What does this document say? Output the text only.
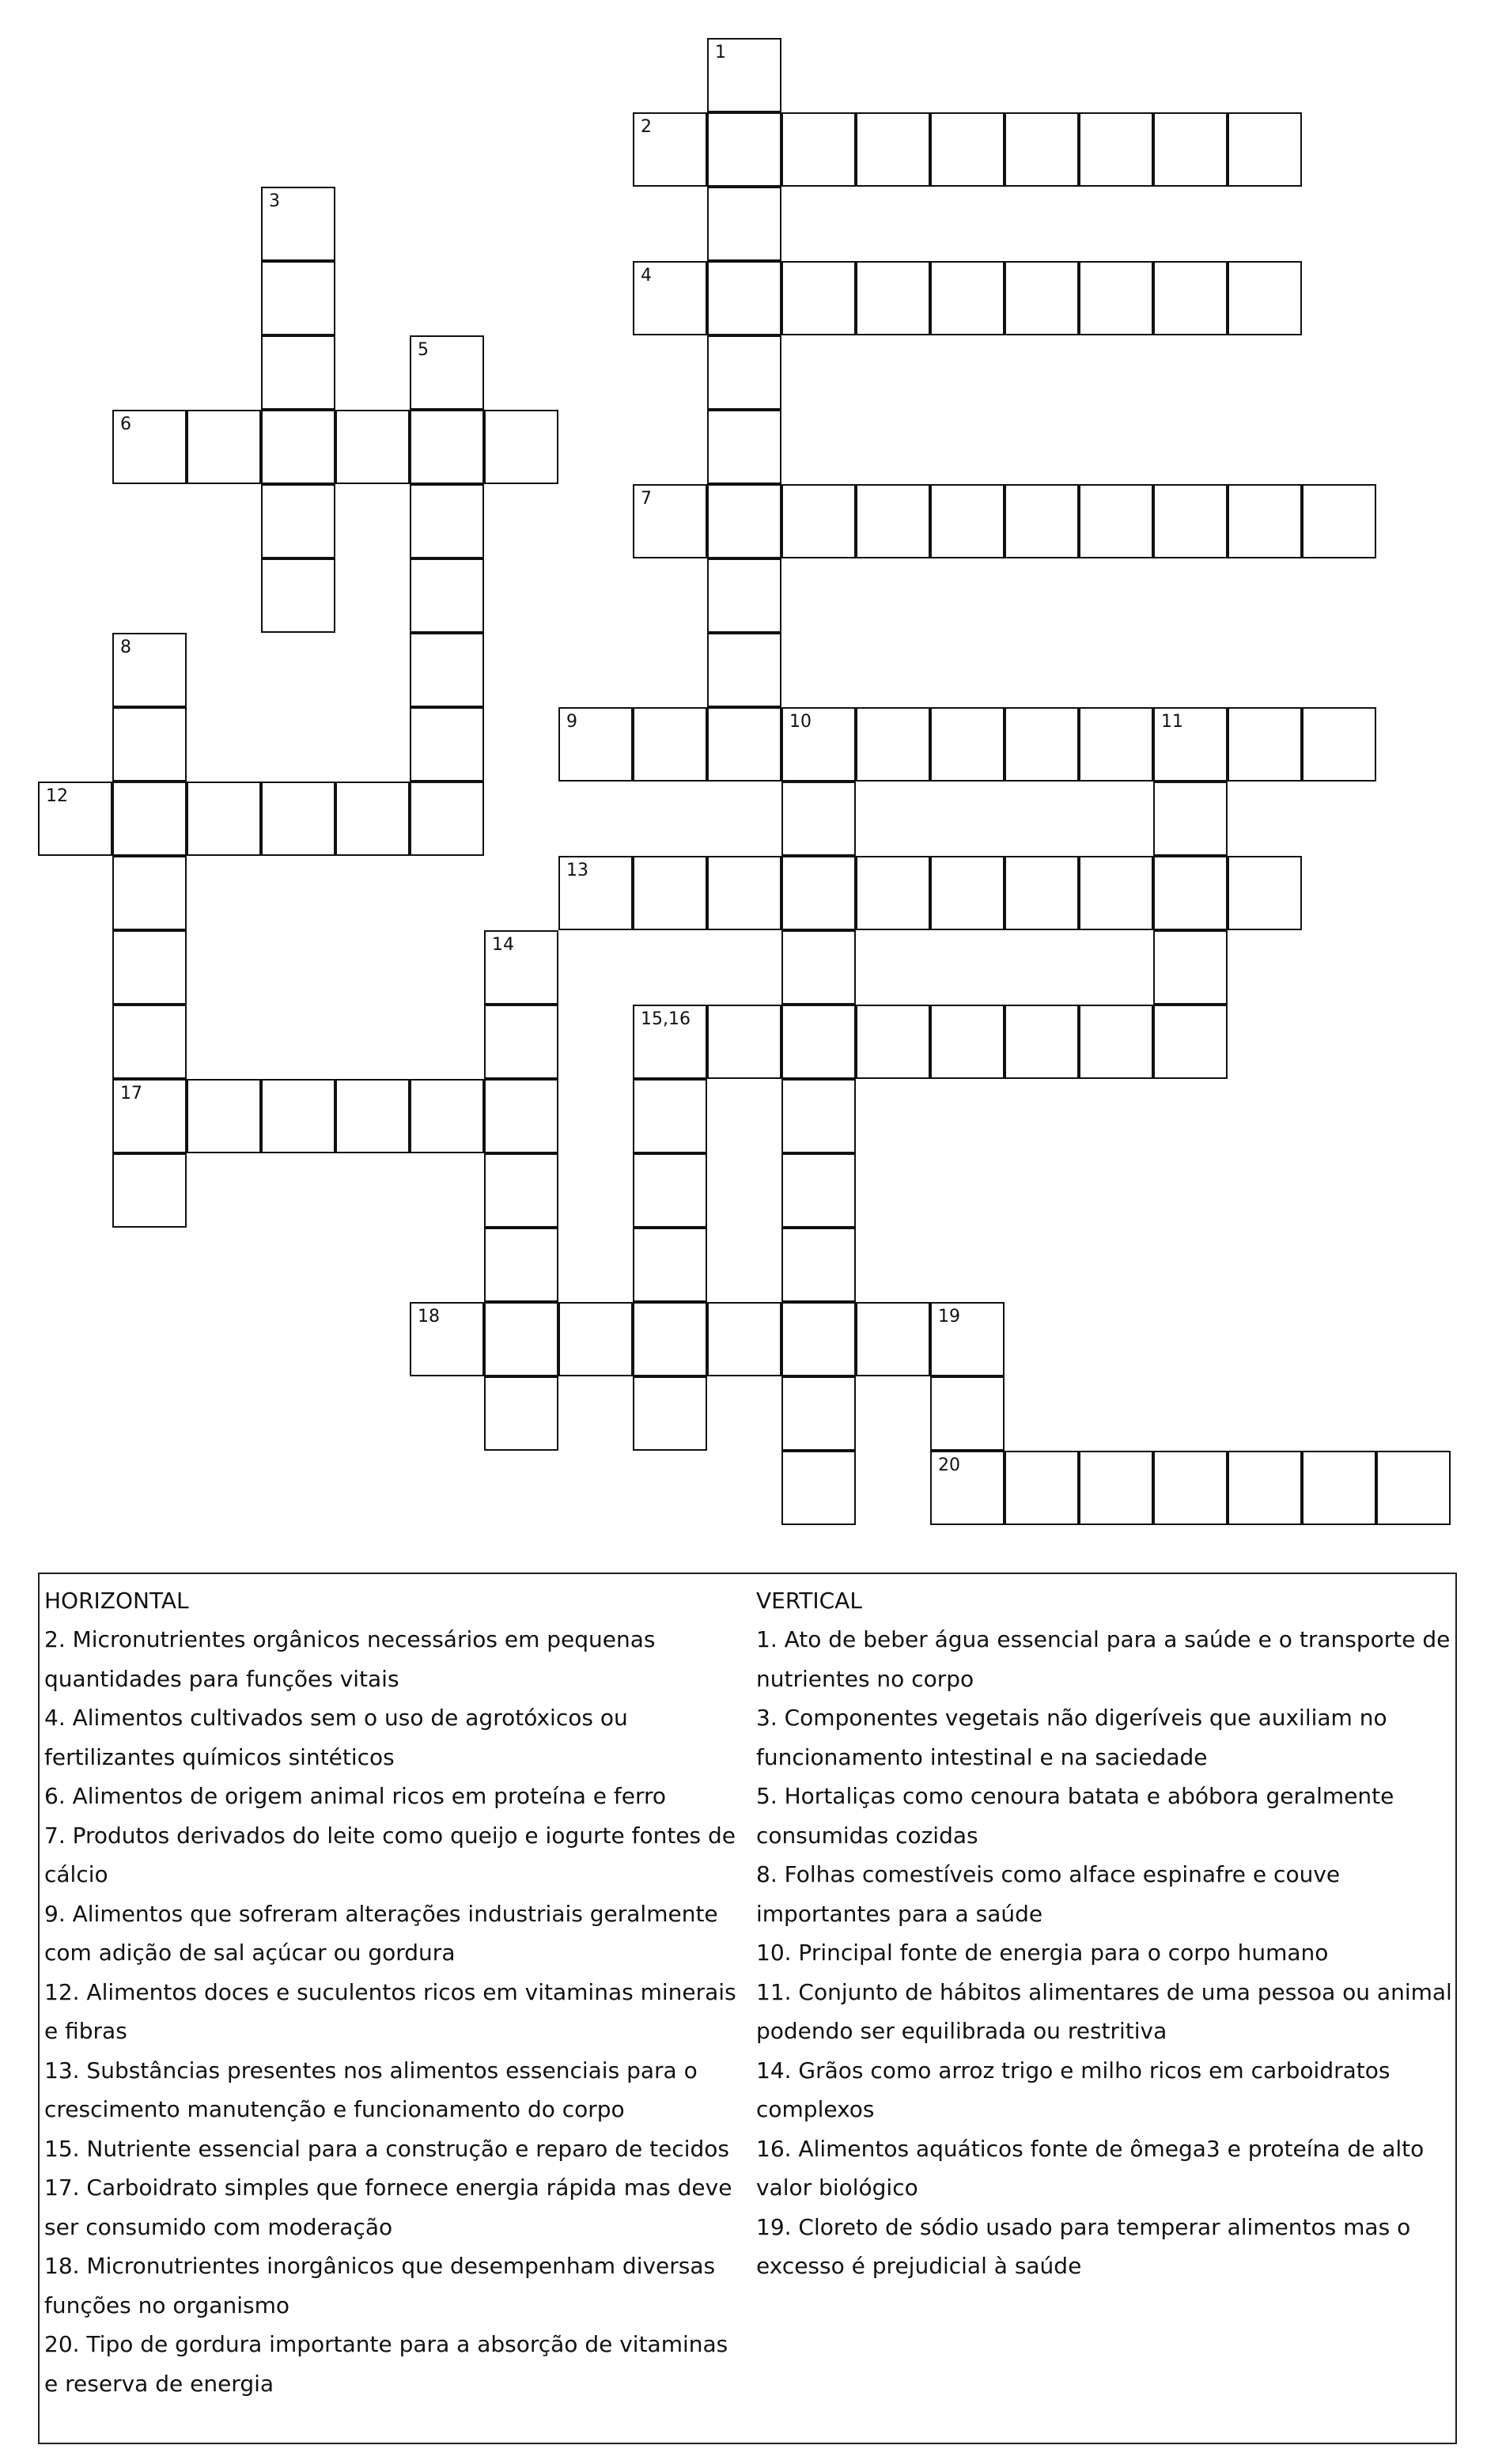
1
2
3
4
5
6
7
8
17
9	10	11
12
13
14
15,16
18	19
20
HORIZONTAL
2. Micronutrientes orgânicos necessários em pequenas quantidades para funções vitais
4. Alimentos cultivados sem o uso de agrotóxicos ou fertilizantes químicos sintéticos
6. Alimentos de origem animal ricos em proteína e ferro
7. Produtos derivados do leite como queijo e iogurte fontes de cálcio
9. Alimentos que sofreram alterações industriais geralmente com adição de sal açúcar ou gordura
12. Alimentos doces e suculentos ricos em vitaminas minerais e fibras
13. Substâncias presentes nos alimentos essenciais para o crescimento manutenção e funcionamento do corpo
15. Nutriente essencial para a construção e reparo de tecidos
17. Carboidrato simples que fornece energia rápida mas deve ser consumido com moderação
18. Micronutrientes inorgânicos que desempenham diversas funções no organismo
20. Tipo de gordura importante para a absorção de vitaminas e reserva de energia
VERTICAL
1. Ato de beber água essencial para a saúde e o transporte de nutrientes no corpo
3. Componentes vegetais não digeríveis que auxiliam no funcionamento intestinal e na saciedade
5. Hortaliças como cenoura batata e abóbora geralmente consumidas cozidas
8. Folhas comestíveis como alface espinafre e couve importantes para a saúde
10. Principal fonte de energia para o corpo humano
11. Conjunto de hábitos alimentares de uma pessoa ou animal podendo ser equilibrada ou restritiva
14. Grãos como arroz trigo e milho ricos em carboidratos complexos
16. Alimentos aquáticos fonte de ômega3 e proteína de alto valor biológico
19. Cloreto de sódio usado para temperar alimentos mas o excesso é prejudicial à saúde
